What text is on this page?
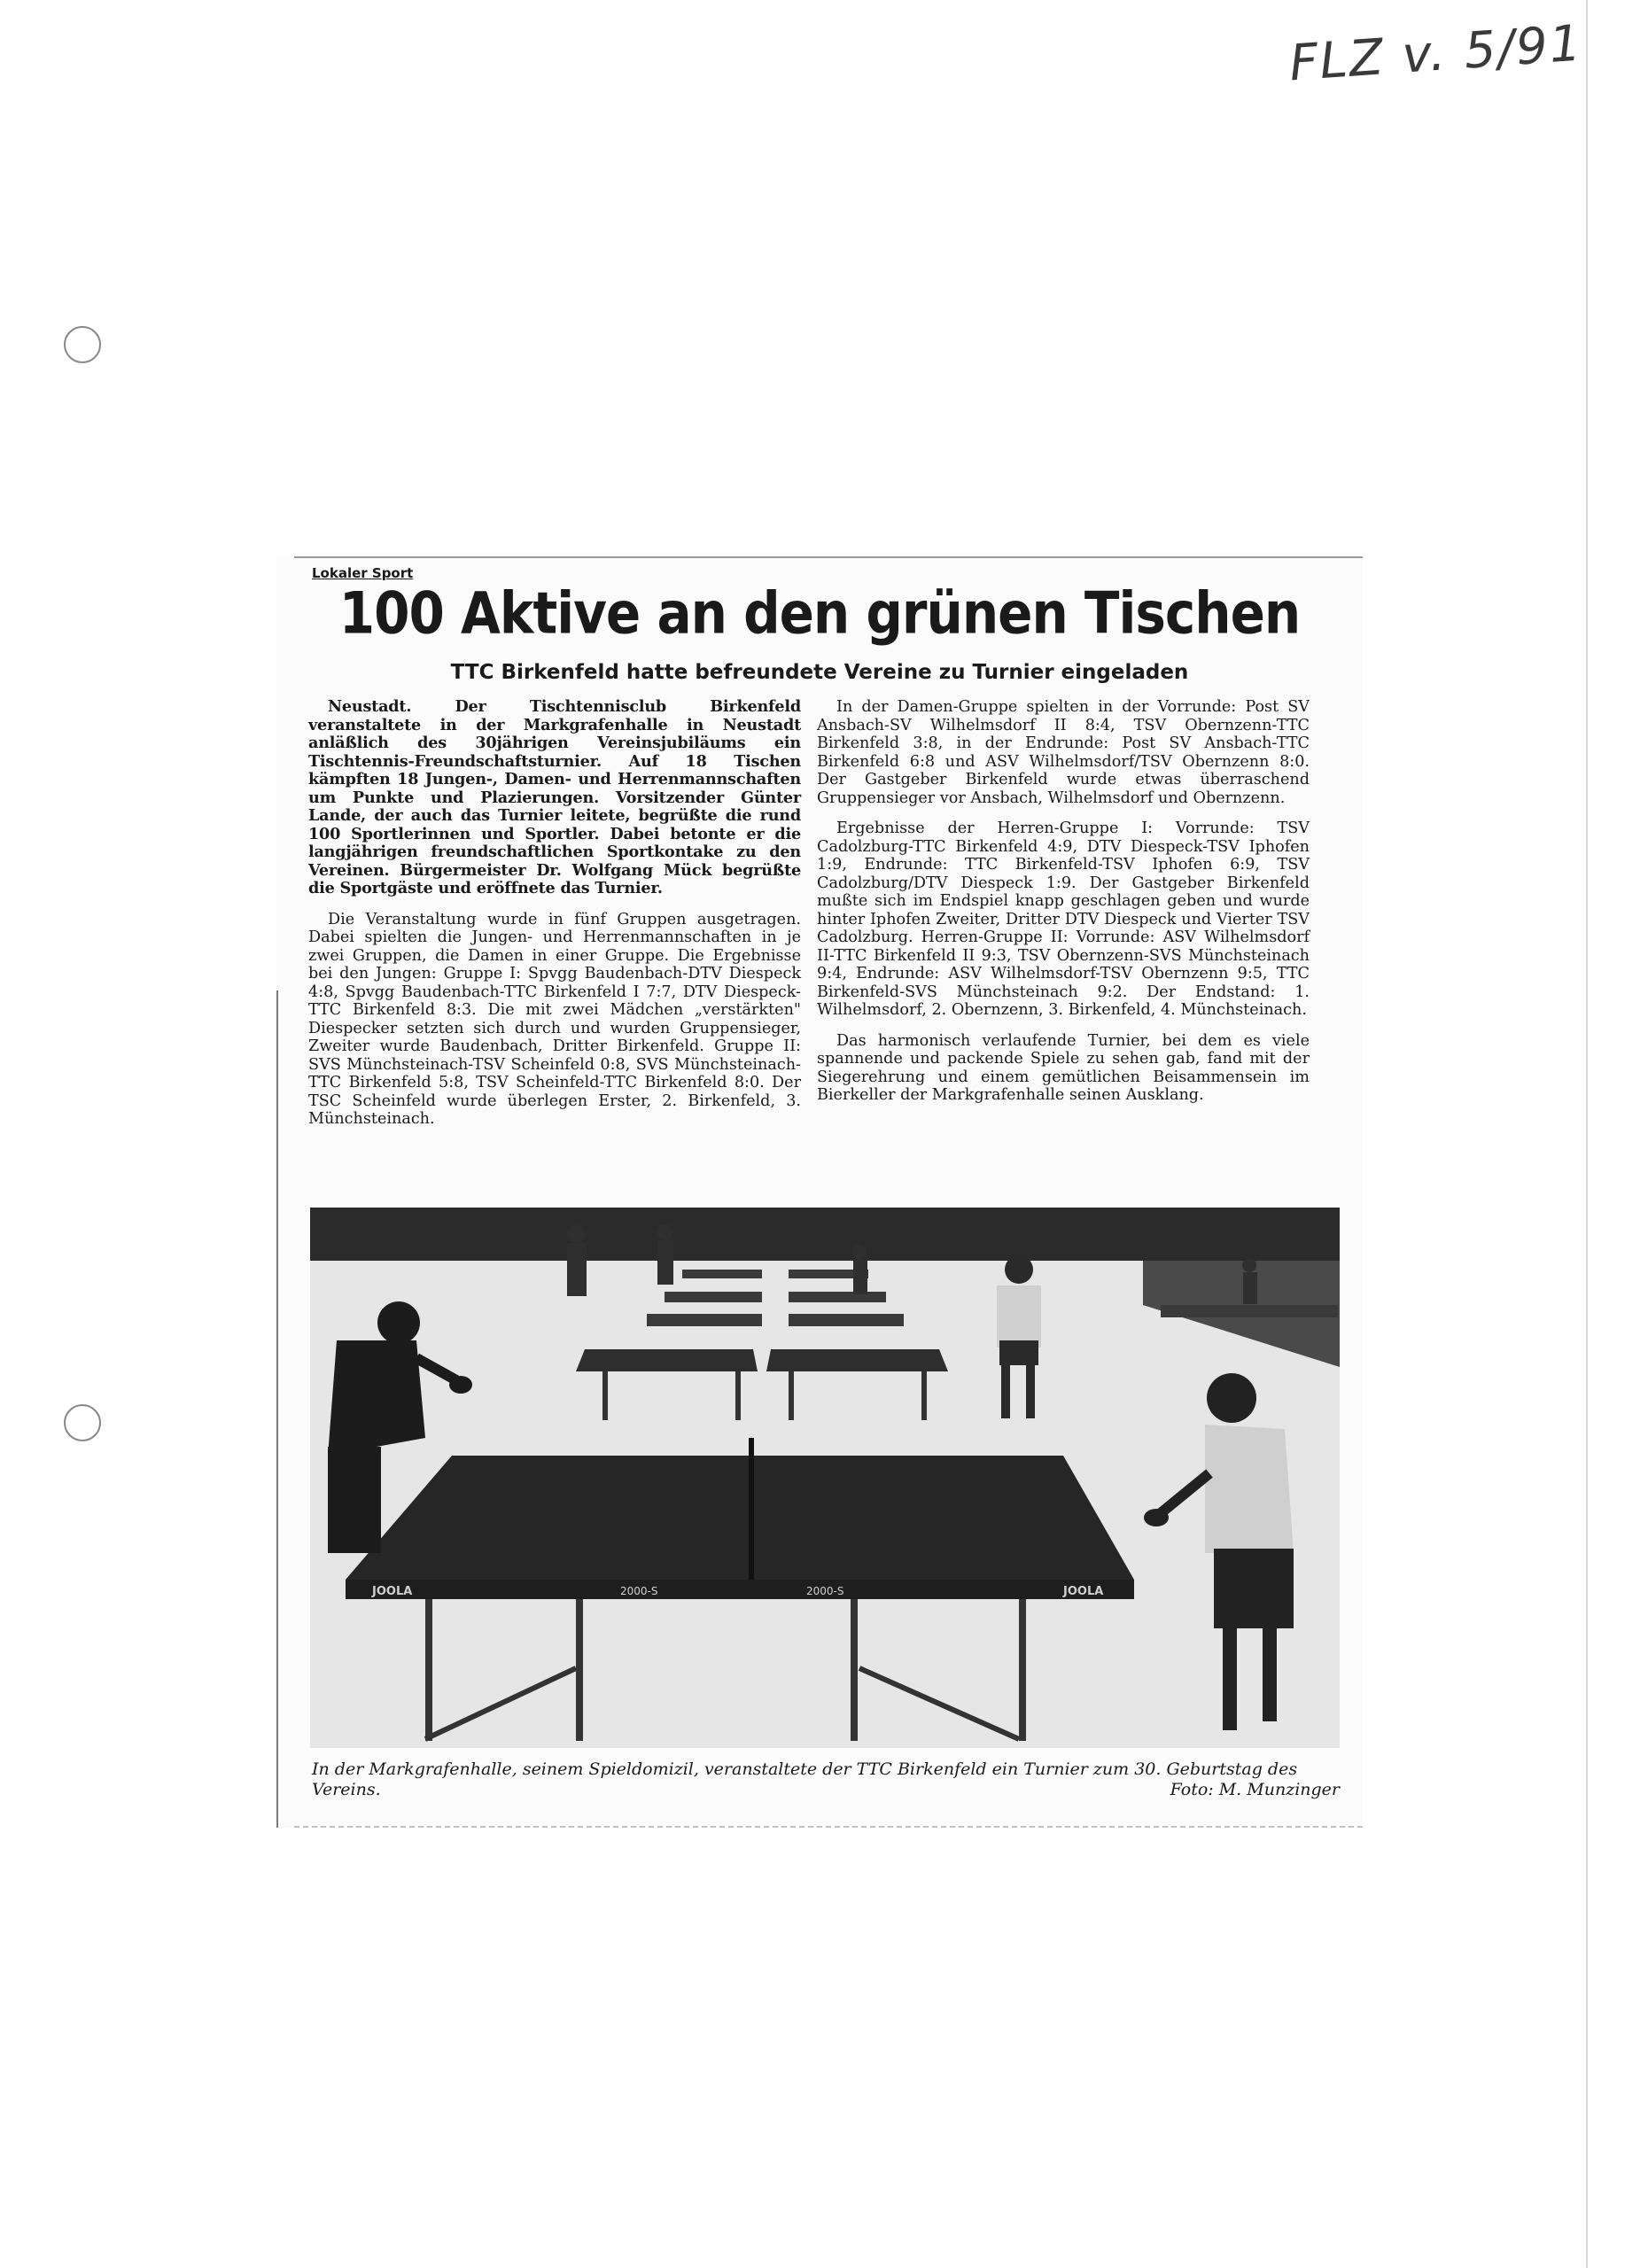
FLZ v. 5/91
Lokaler Sport
100 Aktive an den grünen Tischen
TTC Birkenfeld hatte befreundete Vereine zu Turnier eingeladen

Neustadt. Der Tischtennisclub Birkenfeld veranstaltete in der Markgrafenhalle in Neustadt anläßlich des 30jährigen Vereinsjubiläums ein Tischtennis-Freundschaftsturnier. Auf 18 Tischen kämpften 18 Jungen-, Damen- und Herrenmannschaften um Punkte und Plazierungen. Vorsitzender Günter Lande, der auch das Turnier leitete, begrüßte die rund 100 Sportlerinnen und Sportler. Dabei betonte er die langjährigen freundschaftlichen Sportkontake zu den Vereinen. Bürgermeister Dr. Wolfgang Mück begrüßte die Sportgäste und eröffnete das Turnier.

Die Veranstaltung wurde in fünf Gruppen ausgetragen. Dabei spielten die Jungen- und Herrenmannschaften in je zwei Gruppen, die Damen in einer Gruppe. Die Ergebnisse bei den Jungen: Gruppe I: Spvgg Baudenbach-DTV Diespeck 4:8, Spvgg Baudenbach-TTC Birkenfeld I 7:7, DTV Diespeck-TTC Birkenfeld 8:3. Die mit zwei Mädchen „verstärkten" Diespecker setzten sich durch und wurden Gruppensieger, Zweiter wurde Baudenbach, Dritter Birkenfeld. Gruppe II: SVS Münchsteinach-TSV Scheinfeld 0:8, SVS Münchsteinach-TTC Birkenfeld 5:8, TSV Scheinfeld-TTC Birkenfeld 8:0. Der TSC Scheinfeld wurde überlegen Erster, 2. Birkenfeld, 3. Münchsteinach.

In der Damen-Gruppe spielten in der Vorrunde: Post SV Ansbach-SV Wilhelmsdorf II 8:4, TSV Obernzenn-TTC Birkenfeld 3:8, in der Endrunde: Post SV Ansbach-TTC Birkenfeld 6:8 und ASV Wilhelmsdorf/TSV Obernzenn 8:0. Der Gastgeber Birkenfeld wurde etwas überraschend Gruppensieger vor Ansbach, Wilhelmsdorf und Obernzenn.

Ergebnisse der Herren-Gruppe I: Vorrunde: TSV Cadolzburg-TTC Birkenfeld 4:9, DTV Diespeck-TSV Iphofen 1:9, Endrunde: TTC Birkenfeld-TSV Iphofen 6:9, TSV Cadolzburg/DTV Diespeck 1:9. Der Gastgeber Birkenfeld mußte sich im Endspiel knapp geschlagen geben und wurde hinter Iphofen Zweiter, Dritter DTV Diespeck und Vierter TSV Cadolzburg. Herren-Gruppe II: Vorrunde: ASV Wilhelmsdorf II-TTC Birkenfeld II 9:3, TSV Obernzenn-SVS Münchsteinach 9:4, Endrunde: ASV Wilhelmsdorf-TSV Obernzenn 9:5, TTC Birkenfeld-SVS Münchsteinach 9:2. Der Endstand: 1. Wilhelmsdorf, 2. Obernzenn, 3. Birkenfeld, 4. Münchsteinach.

Das harmonisch verlaufende Turnier, bei dem es viele spannende und packende Spiele zu sehen gab, fand mit der Siegerehrung und einem gemütlichen Beisammensein im Bierkeller der Markgrafenhalle seinen Ausklang.

JOOLA	2000-S	2000-S	JOOLA
In der Markgrafenhalle, seinem Spieldomizil, veranstaltete der TTC Birkenfeld ein Turnier zum 30. Geburtstag des Vereins.	Foto: M. Munzinger
